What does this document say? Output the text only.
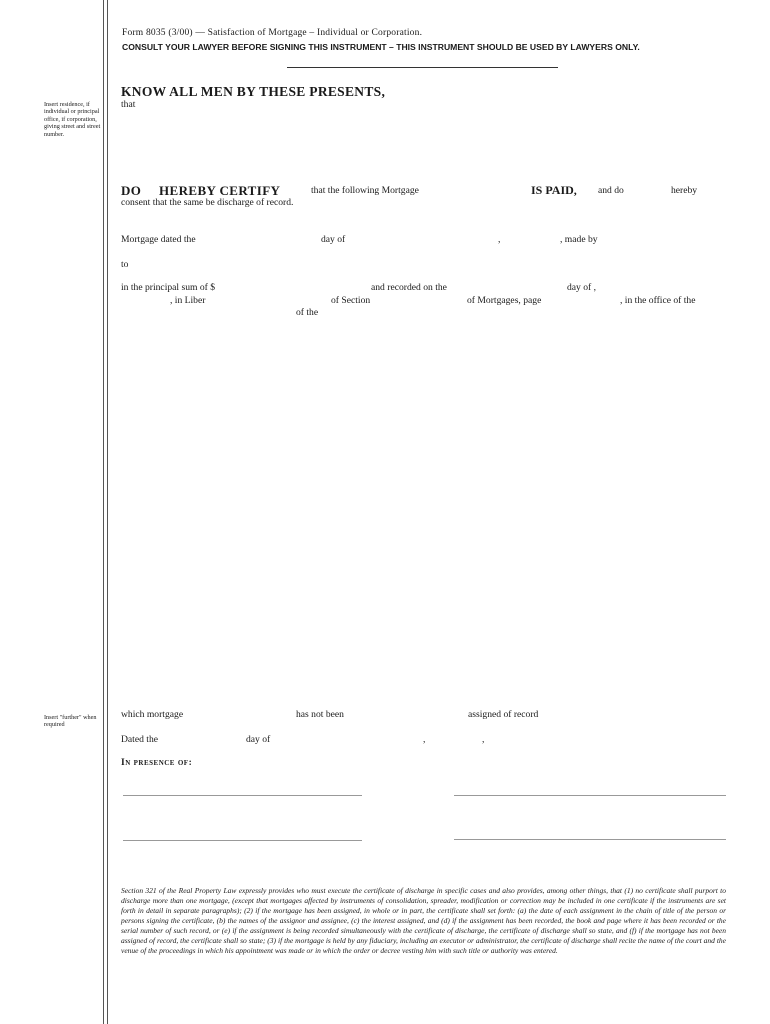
Form 8035 (3/00) — Satisfaction of Mortgage – Individual or Corporation.
CONSULT YOUR LAWYER BEFORE SIGNING THIS INSTRUMENT – THIS INSTRUMENT SHOULD BE USED BY LAWYERS ONLY.
Insert residence, if individual or principal office, if corporation, giving street and street number.
Insert "further" when required
KNOW ALL MEN BY THESE PRESENTS,
that
DO HEREBY CERTIFY	that the following Mortgage	IS PAID, and do	hereby
consent that the same be discharge of record.
Mortgage dated the	day of	,	, made by
to
in the principal sum of $	and recorded on the	day of ,
, in Liber	of Section	of Mortgages, page	, in the office of the
of the
which mortgage	has not been	assigned of record
Dated the	day of	,	,
In presence of:
Section 321 of the Real Property Law expressly provides who must execute the certificate of discharge in specific cases and also provides, among other things, that (1) no certificate shall purport to discharge more than one mortgage, (except that mortgages affected by instruments of consolidation, spreader, modification or correction may be included in one certificate if the instruments are set forth in detail in separate paragraphs); (2) if the mortgage has been assigned, in whole or in part, the certificate shall set forth: (a) the date of each assignment in the chain of title of the person or persons signing the certificate, (b) the names of the assignor and assignee, (c) the interest assigned, and (d) if the assignment has been recorded, the book and page where it has been recorded or the serial number of such record, or (e) if the assignment is being recorded simultaneously with the certificate of discharge, the certificate of discharge shall so state, and (f) if the mortgage has not been assigned of record, the certificate shall so state; (3) if the mortgage is held by any fiduciary, including an executor or administrator, the certificate of discharge shall recite the name of the court and the venue of the proceedings in which his appointment was made or in which the order or decree vesting him with such title or authority was entered.
